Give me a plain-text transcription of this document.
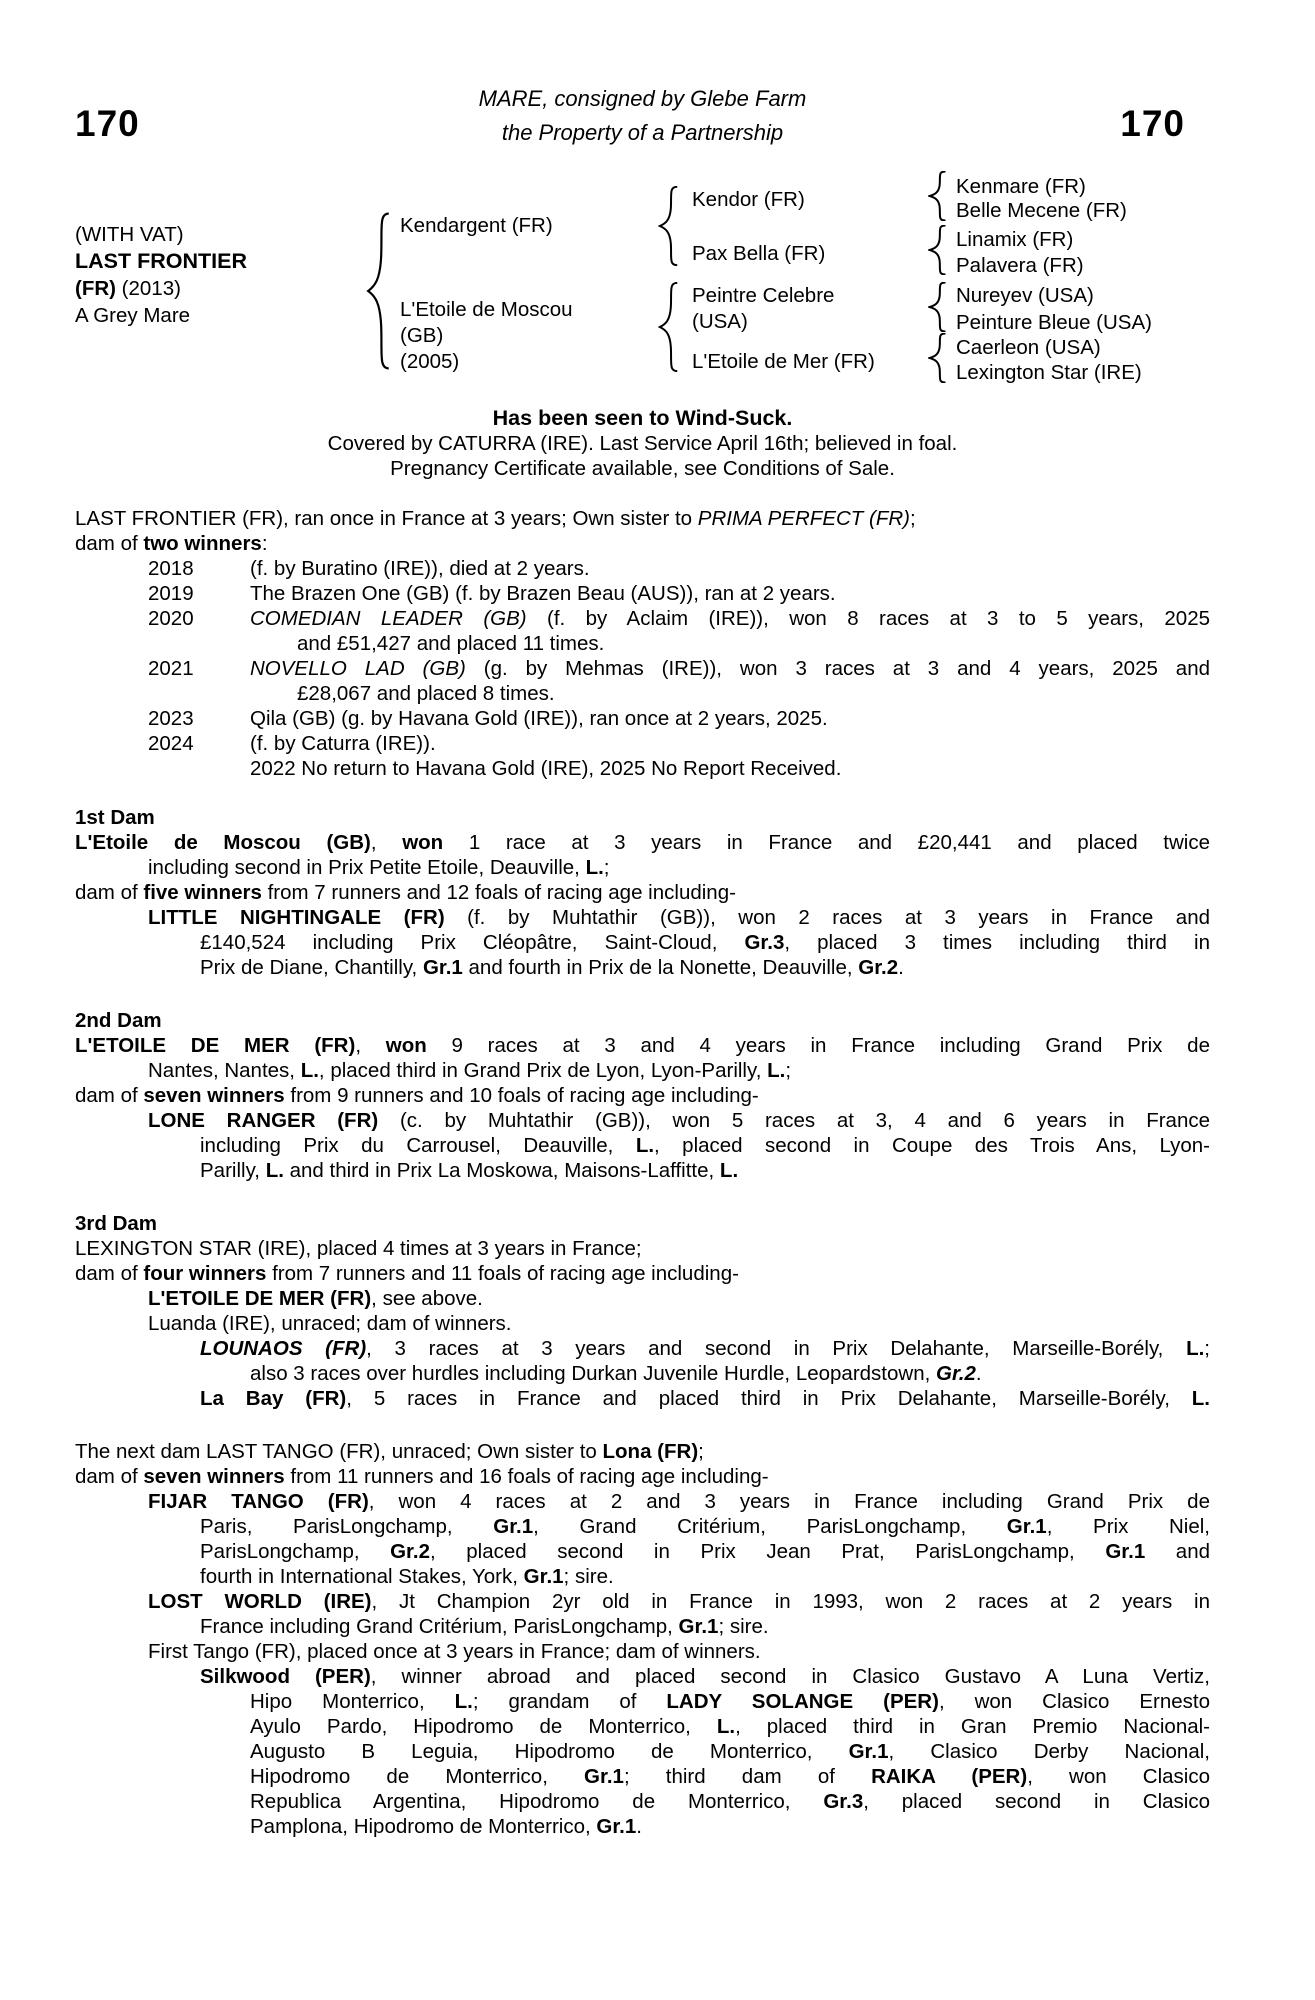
170	170
MARE, consigned by Glebe Farm
the Property of a Partnership
(WITH VAT)
LAST FRONTIER
(FR) (2013)
A Grey Mare
Kendargent (FR)
L'Etoile de Moscou
(GB)
(2005)
Kendor (FR)
Pax Bella (FR)
Peintre Celebre
(USA)
L'Etoile de Mer (FR)
Kenmare (FR)
Belle Mecene (FR)
Linamix (FR)
Palavera (FR)
Nureyev (USA)
Peinture Bleue (USA)
Caerleon (USA)
Lexington Star (IRE)
Has been seen to Wind-Suck.
Covered by CATURRA (IRE). Last Service April 16th; believed in foal.
Pregnancy Certificate available, see Conditions of Sale.
LAST FRONTIER (FR), ran once in France at 3 years; Own sister to PRIMA PERFECT (FR);
dam of two winners:
2018	(f. by Buratino (IRE)), died at 2 years.
2019	The Brazen One (GB) (f. by Brazen Beau (AUS)), ran at 2 years.
2020	COMEDIAN LEADER (GB) (f. by Aclaim (IRE)), won 8 races at 3 to 5 years, 2025
and £51,427 and placed 11 times.
2021	NOVELLO LAD (GB) (g. by Mehmas (IRE)), won 3 races at 3 and 4 years, 2025 and
£28,067 and placed 8 times.
2023	Qila (GB) (g. by Havana Gold (IRE)), ran once at 2 years, 2025.
2024	(f. by Caturra (IRE)).
2022 No return to Havana Gold (IRE), 2025 No Report Received.
1st Dam
L'Etoile de Moscou (GB), won 1 race at 3 years in France and £20,441 and placed twice
including second in Prix Petite Etoile, Deauville, L.;
dam of five winners from 7 runners and 12 foals of racing age including-
LITTLE NIGHTINGALE (FR) (f. by Muhtathir (GB)), won 2 races at 3 years in France and
£140,524 including Prix Cléopâtre, Saint-Cloud, Gr.3, placed 3 times including third in
Prix de Diane, Chantilly, Gr.1 and fourth in Prix de la Nonette, Deauville, Gr.2.
2nd Dam
L'ETOILE DE MER (FR), won 9 races at 3 and 4 years in France including Grand Prix de
Nantes, Nantes, L., placed third in Grand Prix de Lyon, Lyon-Parilly, L.;
dam of seven winners from 9 runners and 10 foals of racing age including-
LONE RANGER (FR) (c. by Muhtathir (GB)), won 5 races at 3, 4 and 6 years in France
including Prix du Carrousel, Deauville, L., placed second in Coupe des Trois Ans, Lyon-
Parilly, L. and third in Prix La Moskowa, Maisons-Laffitte, L.
3rd Dam
LEXINGTON STAR (IRE), placed 4 times at 3 years in France;
dam of four winners from 7 runners and 11 foals of racing age including-
L'ETOILE DE MER (FR), see above.
Luanda (IRE), unraced; dam of winners.
LOUNAOS (FR), 3 races at 3 years and second in Prix Delahante, Marseille-Borély, L.;
also 3 races over hurdles including Durkan Juvenile Hurdle, Leopardstown, Gr.2.
La Bay (FR), 5 races in France and placed third in Prix Delahante, Marseille-Borély, L.
The next dam LAST TANGO (FR), unraced; Own sister to Lona (FR);
dam of seven winners from 11 runners and 16 foals of racing age including-
FIJAR TANGO (FR), won 4 races at 2 and 3 years in France including Grand Prix de
Paris, ParisLongchamp, Gr.1, Grand Critérium, ParisLongchamp, Gr.1, Prix Niel,
ParisLongchamp, Gr.2, placed second in Prix Jean Prat, ParisLongchamp, Gr.1 and
fourth in International Stakes, York, Gr.1; sire.
LOST WORLD (IRE), Jt Champion 2yr old in France in 1993, won 2 races at 2 years in
France including Grand Critérium, ParisLongchamp, Gr.1; sire.
First Tango (FR), placed once at 3 years in France; dam of winners.
Silkwood (PER), winner abroad and placed second in Clasico Gustavo A Luna Vertiz,
Hipo Monterrico, L.; grandam of LADY SOLANGE (PER), won Clasico Ernesto
Ayulo Pardo, Hipodromo de Monterrico, L., placed third in Gran Premio Nacional-
Augusto B Leguia, Hipodromo de Monterrico, Gr.1, Clasico Derby Nacional,
Hipodromo de Monterrico, Gr.1; third dam of RAIKA (PER), won Clasico
Republica Argentina, Hipodromo de Monterrico, Gr.3, placed second in Clasico
Pamplona, Hipodromo de Monterrico, Gr.1.
